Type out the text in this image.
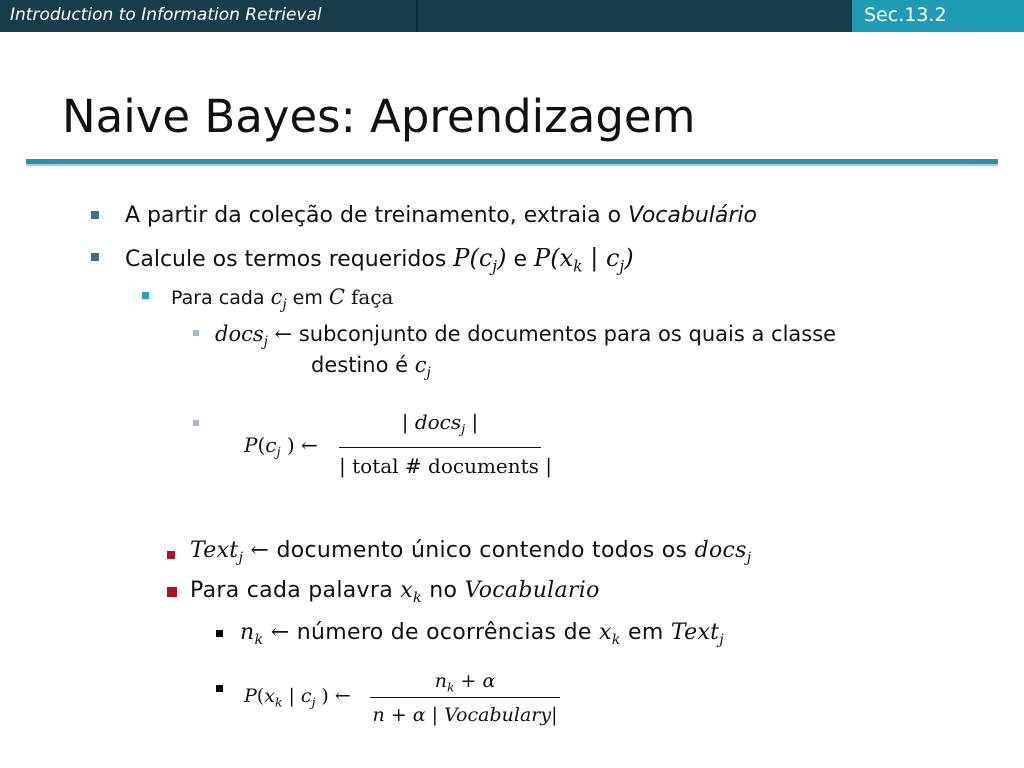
Introduction to Information Retrieval	Sec.13.2
Naive Bayes: Aprendizagem
A partir da coleção de treinamento, extraia o Vocabulário
Calcule os termos requeridos $P(c_j)$ e $P(x_k$ | $c_j$)
Para cada $c_j$ em C faça
docs$_j$ ← subconjunto de documentos para os quais a classe
destino é $c_j$
$P(c_j$ ) ←
| docs$_j$ |
| total # documents |
Text$_j$ ← documento único contendo todos os docs$_j$
Para cada palavra $x_k$ no Vocabulario
$n_k$ ← número de ocorrências de $x_k$ em Text$_j$
$P(x_k$ | $c_j$ ) ←
$n_k + \alpha$
n + α | Vocabulary|
